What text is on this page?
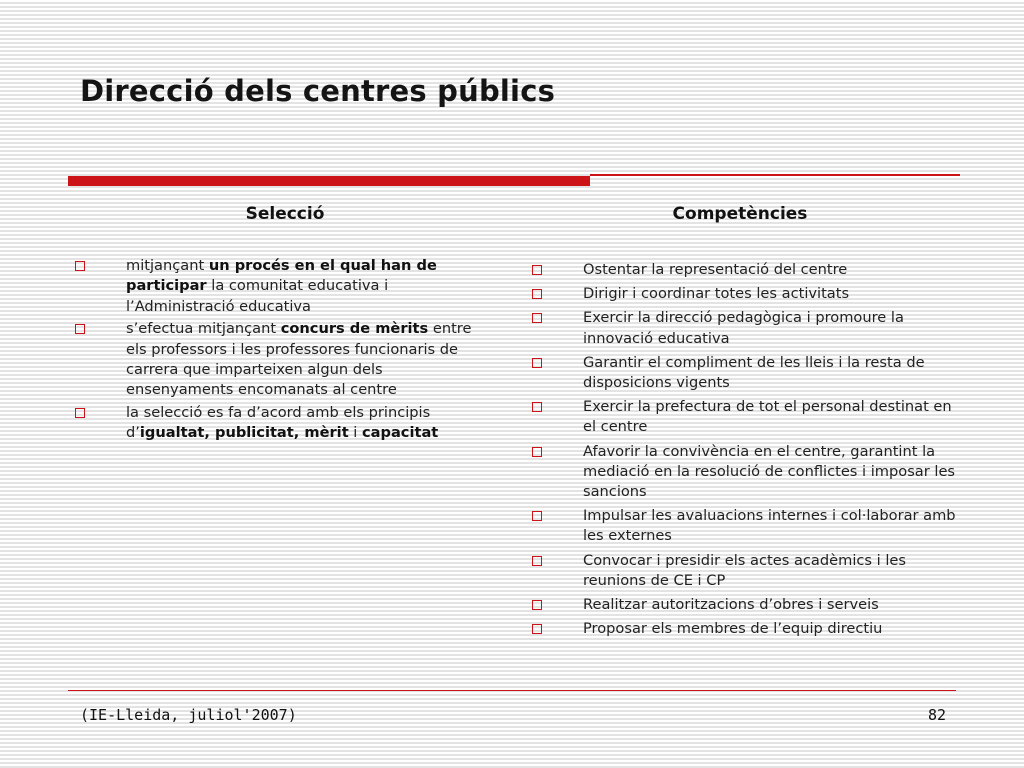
Direcció dels centres públics
Selecció	Competències
mitjançant un procés en el qual han de participar la comunitat educativa i l’Administració educativa
s’efectua mitjançant concurs de mèrits entre els professors i les professores funcionaris de carrera que imparteixen algun dels ensenyaments encomanats al centre
la selecció es fa d’acord amb els principis d’igualtat, publicitat, mèrit i capacitat
Ostentar la representació del centre
Dirigir i coordinar totes les activitats
Exercir la direcció pedagògica i promoure la innovació educativa
Garantir el compliment de les lleis i la resta de disposicions vigents
Exercir la prefectura de tot el personal destinat en el centre
Afavorir la convivència en el centre, garantint la mediació en la resolució de conflictes i imposar les sancions
Impulsar les avaluacions internes i col·laborar amb les externes
Convocar i presidir els actes acadèmics i les reunions de CE i CP
Realitzar autoritzacions d’obres i serveis
Proposar els membres de l’equip directiu
(IE-Lleida, juliol'2007)	82
